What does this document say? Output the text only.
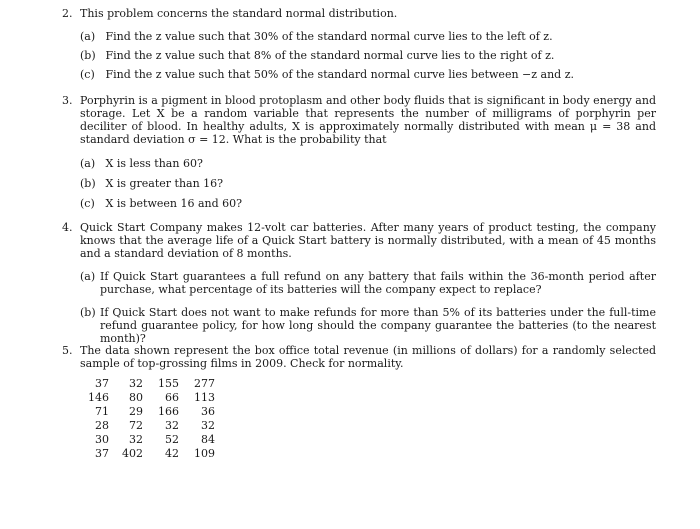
2. This problem concerns the standard normal distribution.
(a) Find the z value such that 30% of the standard normal curve lies to the left of z.
(b) Find the z value such that 8% of the standard normal curve lies to the right of z.
(c) Find the z value such that 50% of the standard normal curve lies between −z and z.
3. Porphyrin is a pigment in blood protoplasm and other body fluids that is significant in body energy and storage. Let X be a random variable that represents the number of milligrams of porphyrin per deciliter of blood. In healthy adults, X is approximately normally distributed with mean μ = 38 and standard deviation σ = 12. What is the probability that
(a) X is less than 60?
(b) X is greater than 16?
(c) X is between 16 and 60?
4. Quick Start Company makes 12-volt car batteries. After many years of product testing, the company knows that the average life of a Quick Start battery is normally distributed, with a mean of 45 months and a standard deviation of 8 months.
(a) If Quick Start guarantees a full refund on any battery that fails within the 36-month period after purchase, what percentage of its batteries will the company expect to replace?
(b) If Quick Start does not want to make refunds for more than 5% of its batteries under the full-time refund guarantee policy, for how long should the company guarantee the batteries (to the nearest month)?
5. The data shown represent the box office total revenue (in millions of dollars) for a randomly selected sample of top-grossing films in 2009. Check for normality.
37	32	155	277
146	80	66	113
71	29	166	36
28	72	32	32
30	32	52	84
37	402	42	109
